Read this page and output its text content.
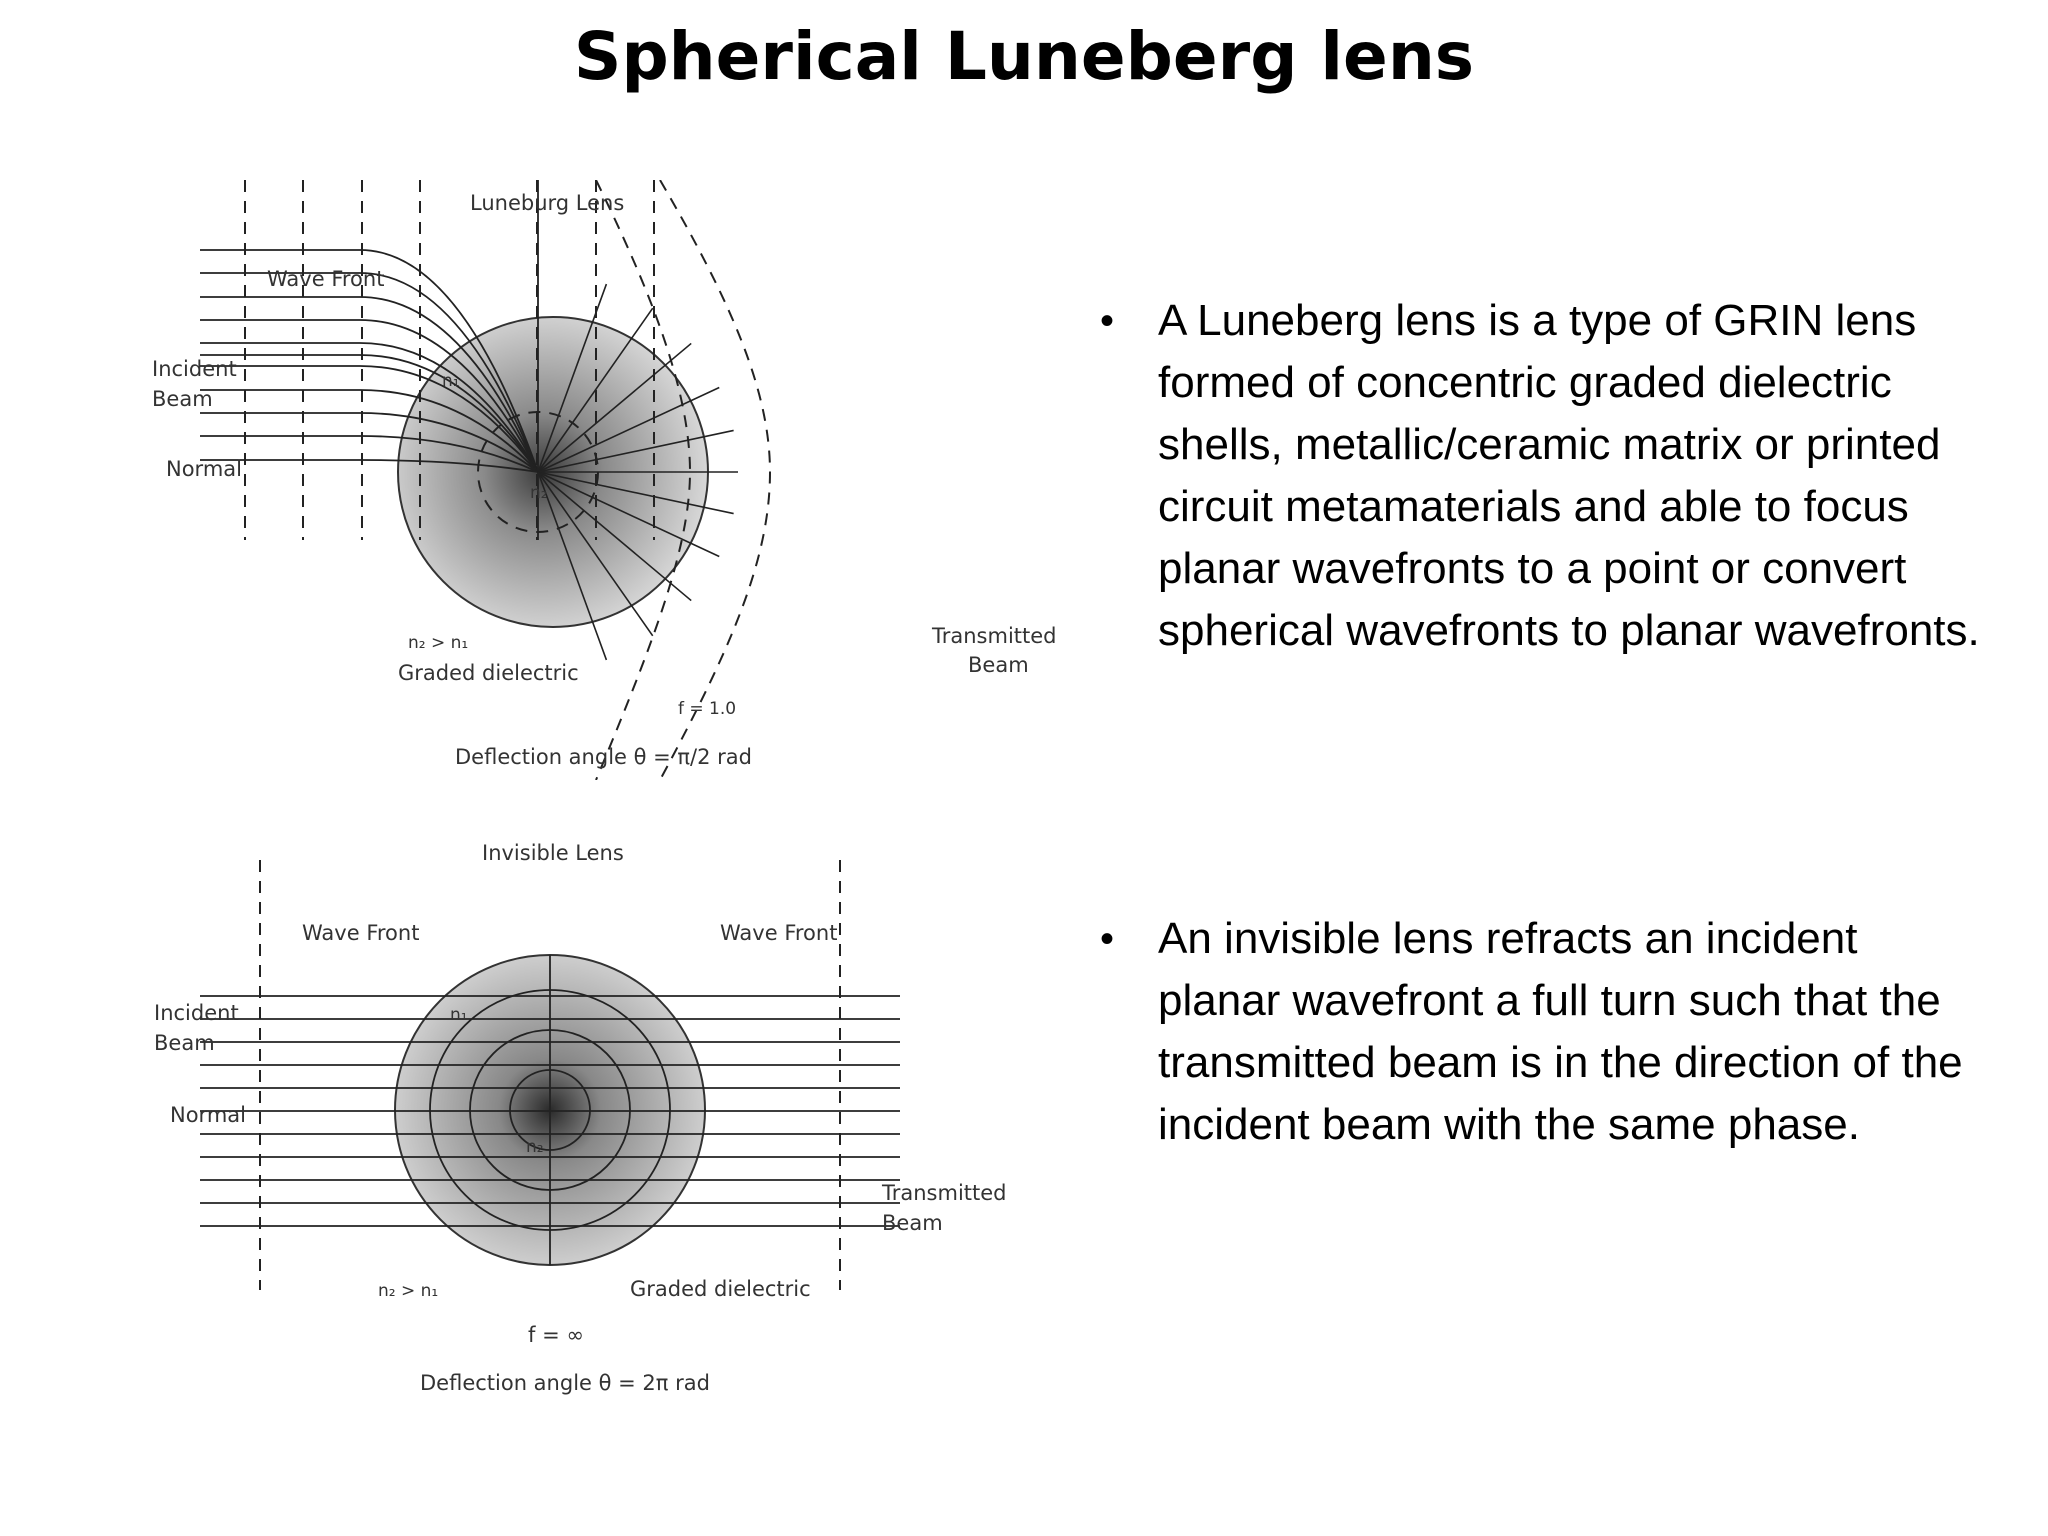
Spherical Luneberg lens
Luneburg Lens
Wave Front
Incident
Beam
Normal
n₁
n₂
n₂ > n₁
Graded dielectric
f = 1.0
Transmitted
Beam
Deflection angle θ = π/2 rad
Invisible Lens
Wave Front	Wave Front
Incident
Beam
Normal
n₁
n₂
n₂ > n₁	Graded dielectric
f = ∞
Transmitted
Beam
Deflection angle θ = 2π rad
• A Luneberg lens is a type of GRIN lens formed of concentric graded dielectric shells, metallic/ceramic matrix or printed circuit metamaterials and able to focus planar wavefronts to a point or convert spherical wavefronts to planar wavefronts.
• An invisible lens refracts an incident planar wavefront a full turn such that the transmitted beam is in the direction of the incident beam with the same phase.
